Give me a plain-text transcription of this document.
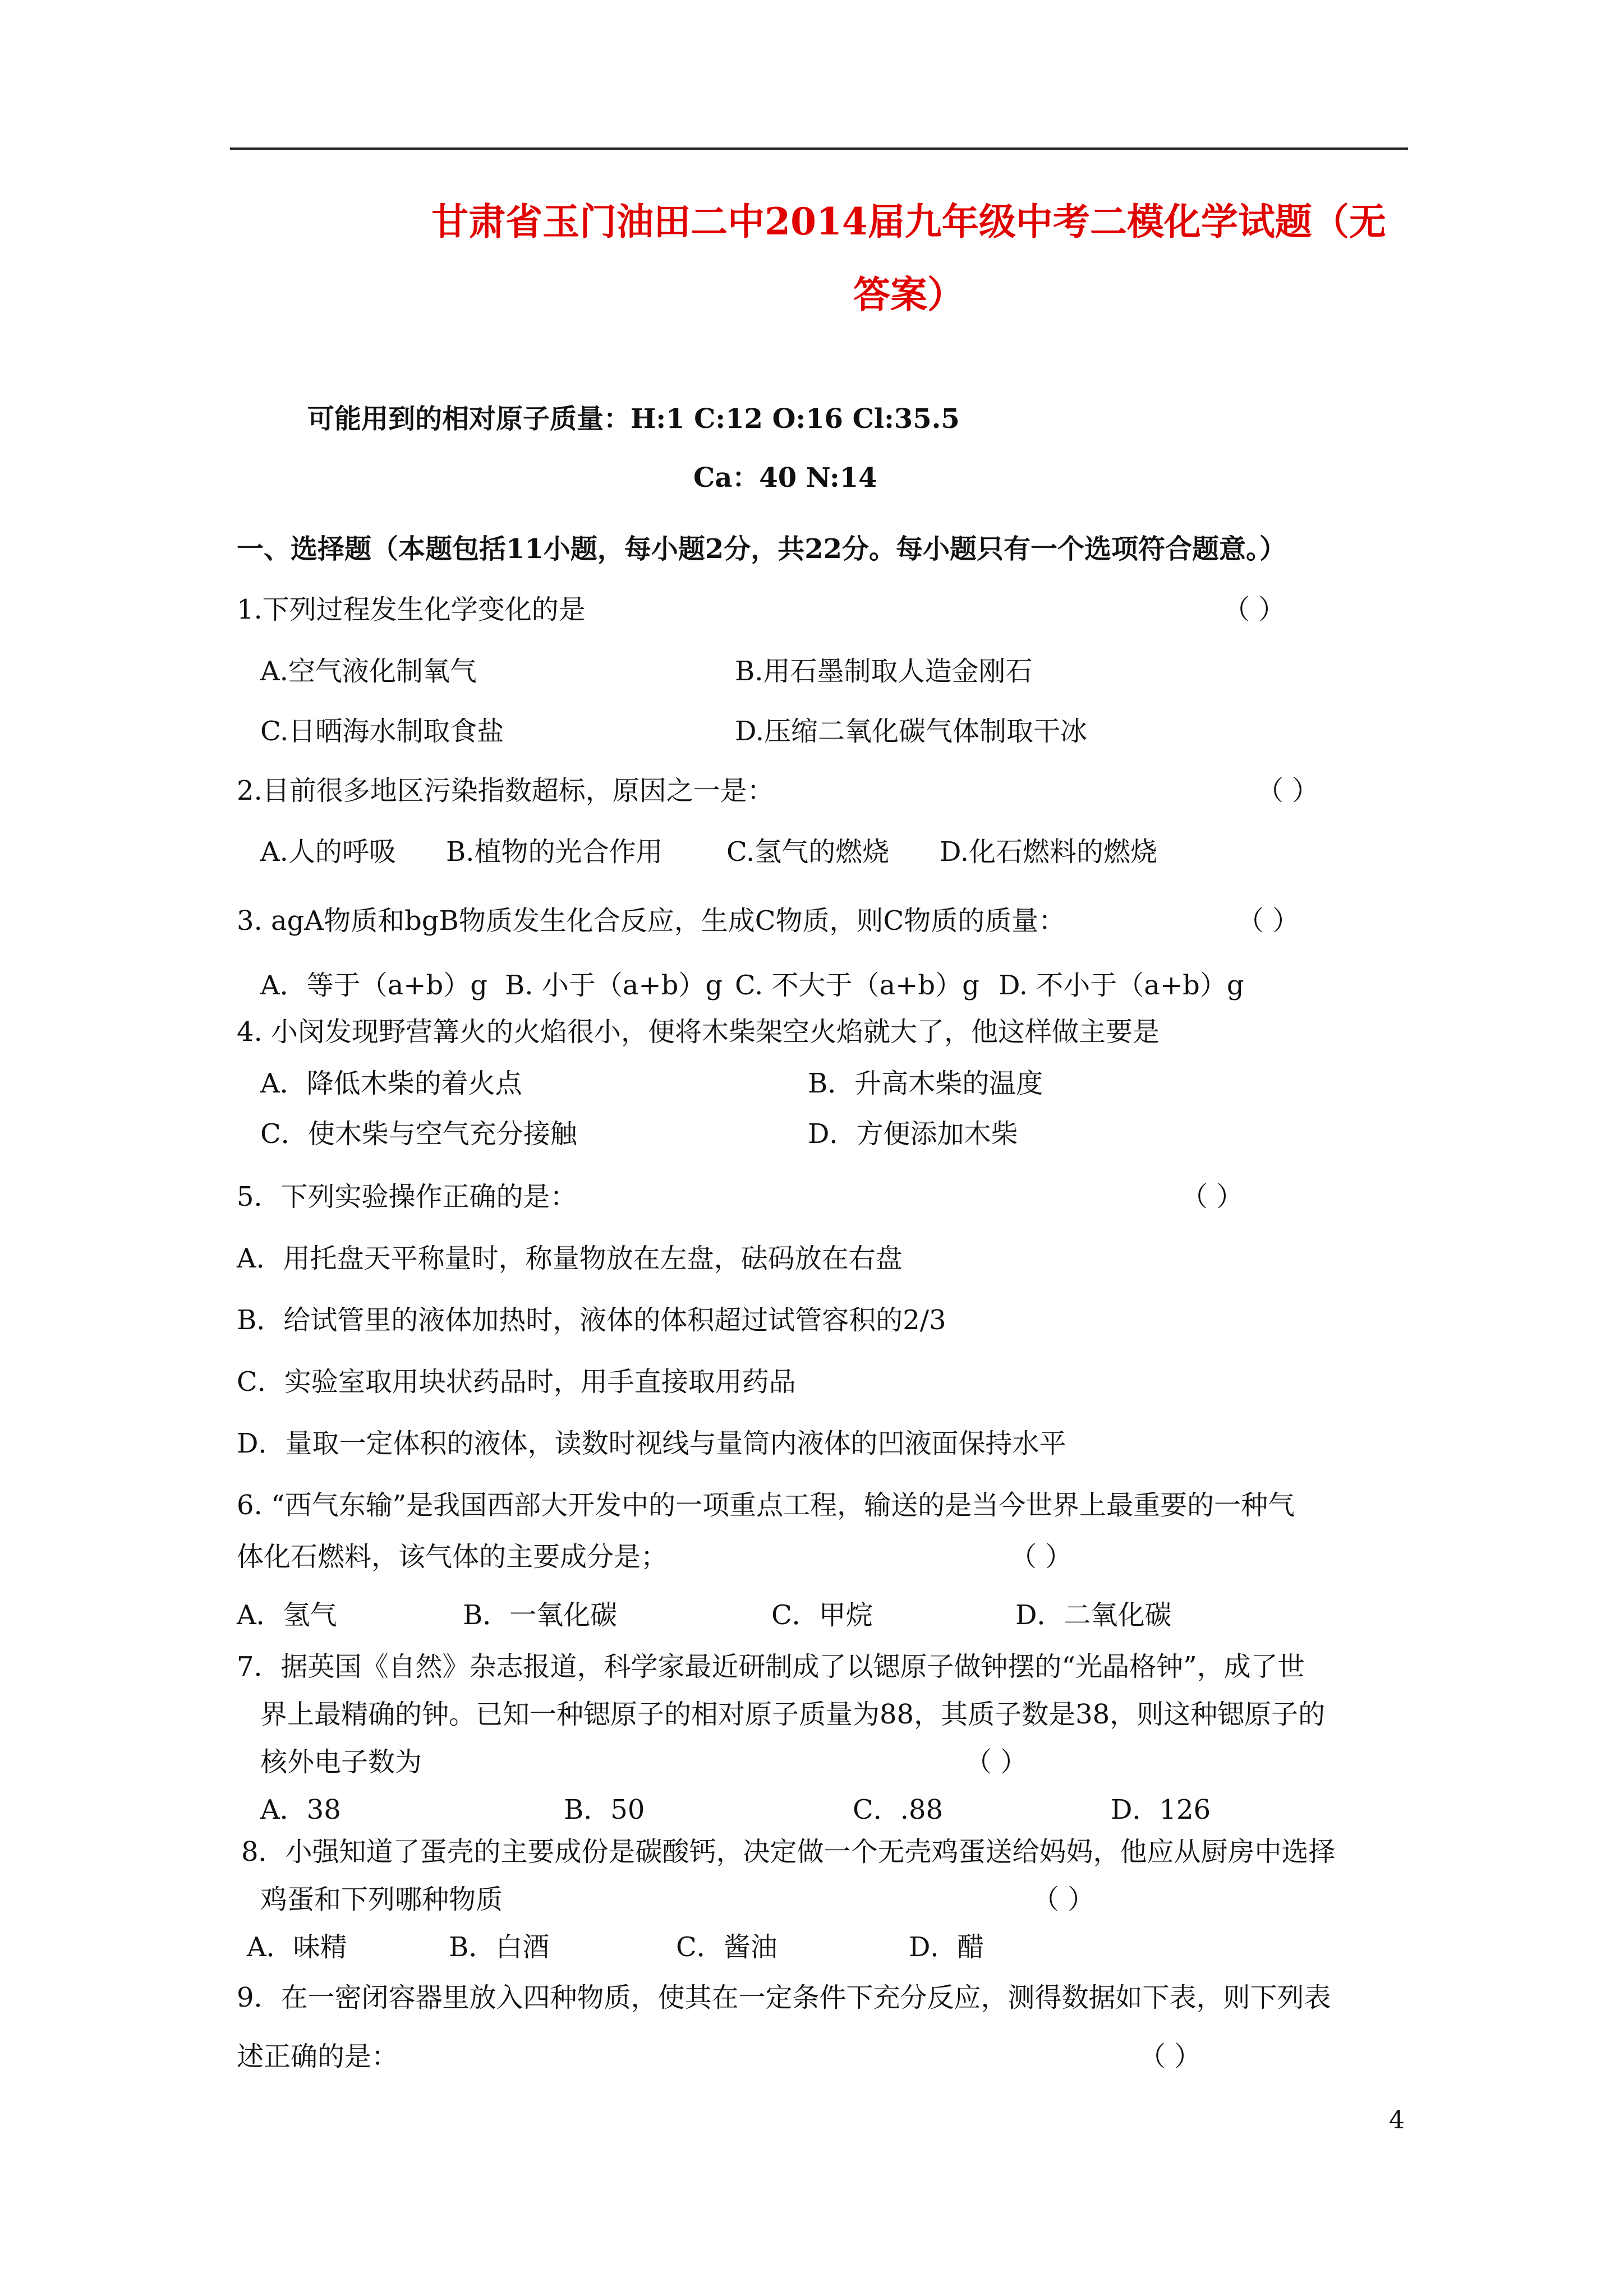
甘肃省玉门油田二中2014届九年级中考二模化学试题（无
答案）
可能用到的相对原子质量：H:1 C:12 O:16 Cl:35.5
Ca：40 N:14
一、选择题（本题包括11小题，每小题2分，共22分。每小题只有一个选项符合题意。）
1.下列过程发生化学变化的是	（ ）
A.空气液化制氧气	B.用石墨制取人造金刚石
C.日晒海水制取食盐	D.压缩二氧化碳气体制取干冰
2.目前很多地区污染指数超标，原因之一是：	（ ）
A.人的呼吸 B.植物的光合作用 C.氢气的燃烧 D.化石燃料的燃烧
3. agA物质和bgB物质发生化合反应，生成C物质，则C物质的质量：	（ ）
A．等于（a+b）g B. 小于（a+b）g C. 不大于（a+b）g D. 不小于（a+b）g
4. 小闵发现野营篝火的火焰很小，便将木柴架空火焰就大了，他这样做主要是
A．降低木柴的着火点	B．升高木柴的温度
C．使木柴与空气充分接触	D．方便添加木柴
5．下列实验操作正确的是：	（ ）
A．用托盘天平称量时，称量物放在左盘，砝码放在右盘
B．给试管里的液体加热时，液体的体积超过试管容积的2/3
C．实验室取用块状药品时，用手直接取用药品
D．量取一定体积的液体，读数时视线与量筒内液体的凹液面保持水平
6. “西气东输”是我国西部大开发中的一项重点工程，输送的是当今世界上最重要的一种气
体化石燃料，该气体的主要成分是；	（ ）
A．氢气	B．一氧化碳	C．甲烷	D．二氧化碳
7．据英国《自然》杂志报道，科学家最近研制成了以锶原子做钟摆的“光晶格钟”，成了世
界上最精确的钟。已知一种锶原子的相对原子质量为88，其质子数是38，则这种锶原子的
核外电子数为	（ ）
A．38	B．50	C．.88	D．126
8．小强知道了蛋壳的主要成份是碳酸钙，决定做一个无壳鸡蛋送给妈妈，他应从厨房中选择
鸡蛋和下列哪种物质	（ ）
A．味精	B．白酒	C．酱油	D．醋
9．在一密闭容器里放入四种物质，使其在一定条件下充分反应，测得数据如下表，则下列表
述正确的是：	（ ）
4
